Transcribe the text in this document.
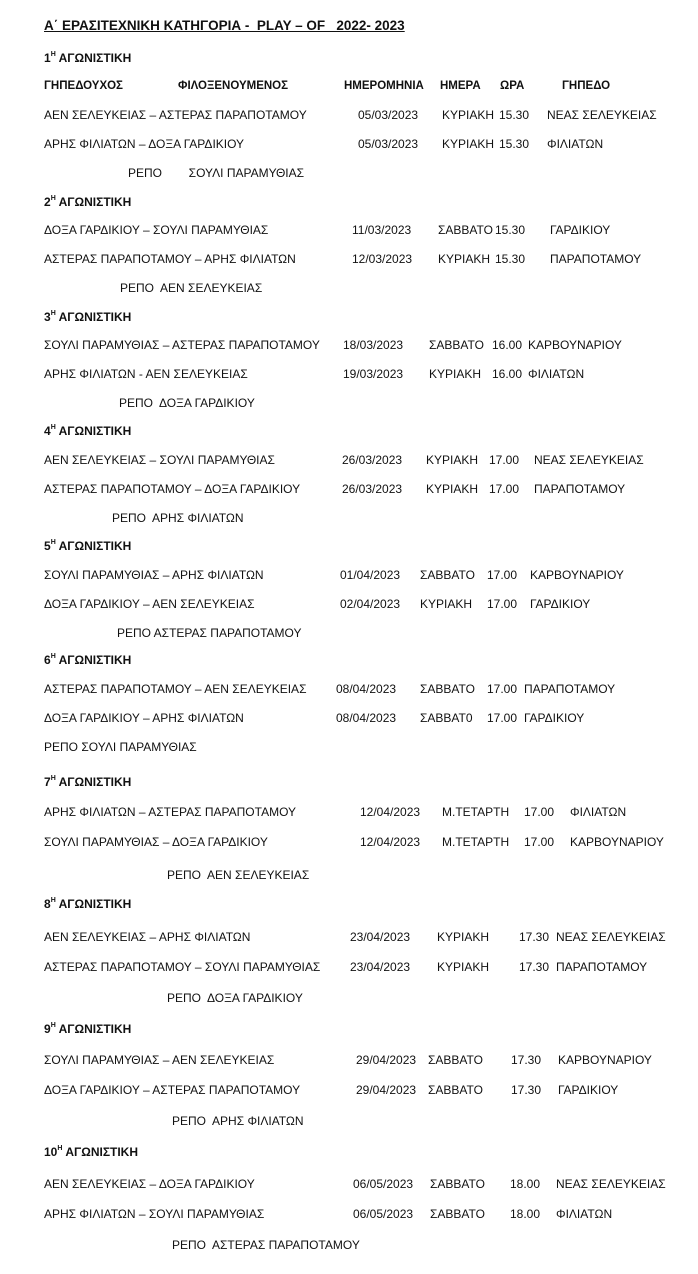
Α΄ ΕΡΑΣΙΤΕΧΝΙΚΗ ΚΑΤΗΓΟΡΙΑ -  PLAY – OF   2022- 2023
ΓΗΠΕΔΟΥΧΟΣ	ΦΙΛΟΞΕΝΟΥΜΕΝΟΣ	ΗΜΕΡΟΜΗΝΙΑ ΗΜΕΡΑ ΩΡΑ	ΓΗΠΕΔΟ
$1^H$ ΑΓΩΝΙΣΤΙΚΗ
ΑΕΝ ΣΕΛΕΥΚΕΙΑΣ – ΑΣΤΕΡΑΣ ΠΑΡΑΠΟΤΑΜΟΥ	05/03/2023 ΚΥΡΙΑΚΗ 15.30 ΝΕΑΣ ΣΕΛΕΥΚΕΙΑΣ
ΑΡΗΣ ΦΙΛΙΑΤΩΝ – ΔΟΞΑ ΓΑΡΔΙΚΙΟΥ	05/03/2023 ΚΥΡΙΑΚΗ 15.30 ΦΙΛΙΑΤΩΝ
ΡΕΠΟ        ΣΟΥΛΙ ΠΑΡΑΜΥΘΙΑΣ
$2^H$ ΑΓΩΝΙΣΤΙΚΗ
ΔΟΞΑ ΓΑΡΔΙΚΙΟΥ – ΣΟΥΛΙ ΠΑΡΑΜΥΘΙΑΣ	11/03/2023 ΣΑΒΒΑΤΟ 15.30 ΓΑΡΔΙΚΙΟΥ
ΑΣΤΕΡΑΣ ΠΑΡΑΠΟΤΑΜΟΥ – ΑΡΗΣ ΦΙΛΙΑΤΩΝ	12/03/2023 ΚΥΡΙΑΚΗ 15.30 ΠΑΡΑΠΟΤΑΜΟΥ
ΡΕΠΟ  ΑΕΝ ΣΕΛΕΥΚΕΙΑΣ
$3^H$ ΑΓΩΝΙΣΤΙΚΗ
ΣΟΥΛΙ ΠΑΡΑΜΥΘΙΑΣ – ΑΣΤΕΡΑΣ ΠΑΡΑΠΟΤΑΜΟΥ 18/03/2023 ΣΑΒΒΑΤΟ 16.00 ΚΑΡΒΟΥΝΑΡΙΟΥ
ΑΡΗΣ ΦΙΛΙΑΤΩΝ - ΑΕΝ ΣΕΛΕΥΚΕΙΑΣ	19/03/2023 ΚΥΡΙΑΚΗ 16.00 ΦΙΛΙΑΤΩΝ
ΡΕΠΟ  ΔΟΞΑ ΓΑΡΔΙΚΙΟΥ
$4^H$ ΑΓΩΝΙΣΤΙΚΗ
ΑΕΝ ΣΕΛΕΥΚΕΙΑΣ – ΣΟΥΛΙ ΠΑΡΑΜΥΘΙΑΣ	26/03/2023 ΚΥΡΙΑΚΗ 17.00 ΝΕΑΣ ΣΕΛΕΥΚΕΙΑΣ
ΑΣΤΕΡΑΣ ΠΑΡΑΠΟΤΑΜΟΥ – ΔΟΞΑ ΓΑΡΔΙΚΙΟΥ	26/03/2023 ΚΥΡΙΑΚΗ 17.00 ΠΑΡΑΠΟΤΑΜΟΥ
ΡΕΠΟ  ΑΡΗΣ ΦΙΛΙΑΤΩΝ
$5^H$ ΑΓΩΝΙΣΤΙΚΗ
ΣΟΥΛΙ ΠΑΡΑΜΥΘΙΑΣ – ΑΡΗΣ ΦΙΛΙΑΤΩΝ	01/04/2023 ΣΑΒΒΑΤΟ 17.00 ΚΑΡΒΟΥΝΑΡΙΟΥ
ΔΟΞΑ ΓΑΡΔΙΚΙΟΥ – ΑΕΝ ΣΕΛΕΥΚΕΙΑΣ	02/04/2023 ΚΥΡΙΑΚΗ 17.00 ΓΑΡΔΙΚΙΟΥ
ΡΕΠΟ ΑΣΤΕΡΑΣ ΠΑΡΑΠΟΤΑΜΟΥ
$6^H$ ΑΓΩΝΙΣΤΙΚΗ
ΑΣΤΕΡΑΣ ΠΑΡΑΠΟΤΑΜΟΥ – ΑΕΝ ΣΕΛΕΥΚΕΙΑΣ 08/04/2023 ΣΑΒΒΑΤΟ 17.00 ΠΑΡΑΠΟΤΑΜΟΥ
ΔΟΞΑ ΓΑΡΔΙΚΙΟΥ – ΑΡΗΣ ΦΙΛΙΑΤΩΝ	08/04/2023 ΣΑΒΒΑΤ0 17.00 ΓΑΡΔΙΚΙΟΥ
ΡΕΠΟ ΣΟΥΛΙ ΠΑΡΑΜΥΘΙΑΣ
$7^H$ ΑΓΩΝΙΣΤΙΚΗ
ΑΡΗΣ ΦΙΛΙΑΤΩΝ – ΑΣΤΕΡΑΣ ΠΑΡΑΠΟΤΑΜΟΥ	12/04/2023 Μ.ΤΕΤΑΡΤΗ 17.00 ΦΙΛΙΑΤΩΝ
ΣΟΥΛΙ ΠΑΡΑΜΥΘΙΑΣ – ΔΟΞΑ ΓΑΡΔΙΚΙΟΥ	12/04/2023 Μ.ΤΕΤΑΡΤΗ 17.00 ΚΑΡΒΟΥΝΑΡΙΟΥ
ΡΕΠΟ  ΑΕΝ ΣΕΛΕΥΚΕΙΑΣ
$8^H$ ΑΓΩΝΙΣΤΙΚΗ
ΑΕΝ ΣΕΛΕΥΚΕΙΑΣ – ΑΡΗΣ ΦΙΛΙΑΤΩΝ	23/04/2023 ΚΥΡΙΑΚΗ 17.30 ΝΕΑΣ ΣΕΛΕΥΚΕΙΑΣ
ΑΣΤΕΡΑΣ ΠΑΡΑΠΟΤΑΜΟΥ – ΣΟΥΛΙ ΠΑΡΑΜΥΘΙΑΣ 23/04/2023 ΚΥΡΙΑΚΗ 17.30 ΠΑΡΑΠΟΤΑΜΟΥ
ΡΕΠΟ  ΔΟΞΑ ΓΑΡΔΙΚΙΟΥ
$9^H$ ΑΓΩΝΙΣΤΙΚΗ
ΣΟΥΛΙ ΠΑΡΑΜΥΘΙΑΣ – ΑΕΝ ΣΕΛΕΥΚΕΙΑΣ	29/04/2023 ΣΑΒΒΑΤΟ 17.30 ΚΑΡΒΟΥΝΑΡΙΟΥ
ΔΟΞΑ ΓΑΡΔΙΚΙΟΥ – ΑΣΤΕΡΑΣ ΠΑΡΑΠΟΤΑΜΟΥ	29/04/2023 ΣΑΒΒΑΤΟ 17.30 ΓΑΡΔΙΚΙΟΥ
ΡΕΠΟ  ΑΡΗΣ ΦΙΛΙΑΤΩΝ
$10^H$ ΑΓΩΝΙΣΤΙΚΗ
ΑΕΝ ΣΕΛΕΥΚΕΙΑΣ – ΔΟΞΑ ΓΑΡΔΙΚΙΟΥ	06/05/2023 ΣΑΒΒΑΤΟ 18.00 ΝΕΑΣ ΣΕΛΕΥΚΕΙΑΣ
ΑΡΗΣ ΦΙΛΙΑΤΩΝ – ΣΟΥΛΙ ΠΑΡΑΜΥΘΙΑΣ	06/05/2023 ΣΑΒΒΑΤΟ 18.00 ΦΙΛΙΑΤΩΝ
ΡΕΠΟ  ΑΣΤΕΡΑΣ ΠΑΡΑΠΟΤΑΜΟΥ
